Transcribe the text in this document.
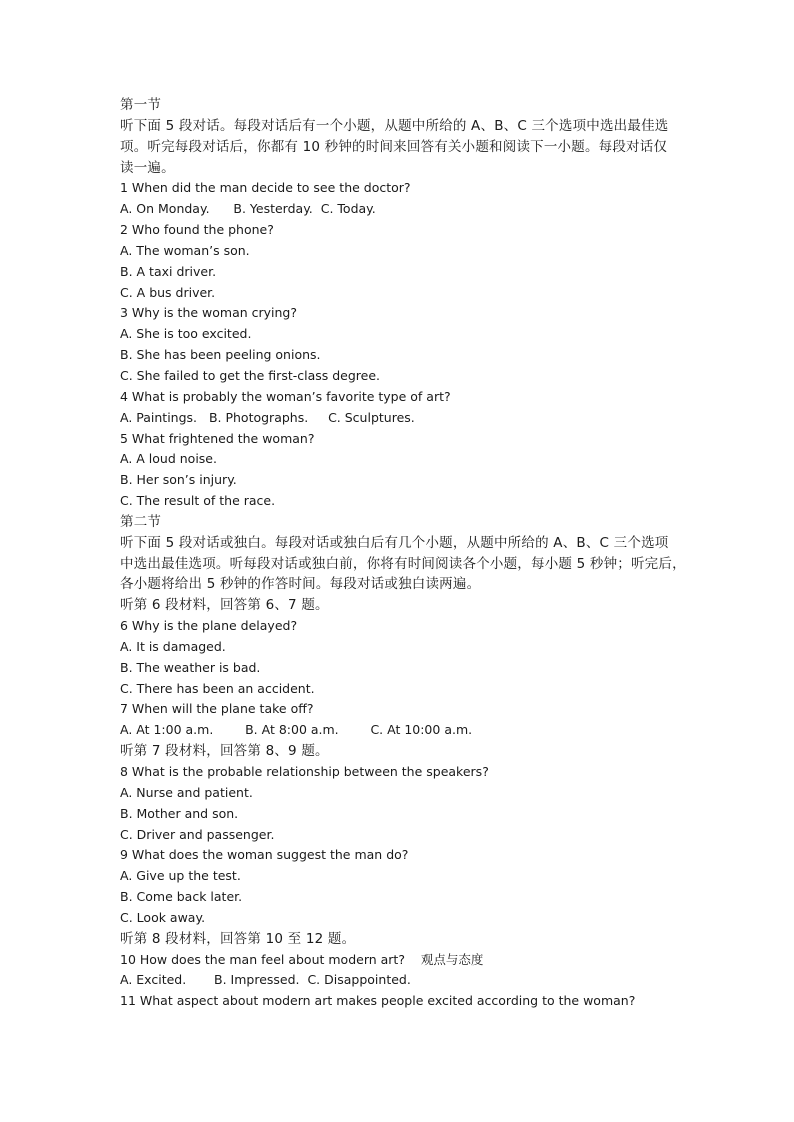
第一节
听下面 5 段对话。每段对话后有一个小题，从题中所给的 A、B、C 三个选项中选出最佳选
项。听完每段对话后，你都有 10 秒钟的时间来回答有关小题和阅读下一小题。每段对话仅
读一遍。
1 When did the man decide to see the doctor?
A. On Monday.      B. Yesterday.  C. Today.
2 Who found the phone?
A. The woman’s son.
B. A taxi driver.
C. A bus driver.
3 Why is the woman crying?
A. She is too excited.
B. She has been peeling onions.
C. She failed to get the first-class degree.
4 What is probably the woman’s favorite type of art?
A. Paintings.   B. Photographs.     C. Sculptures.
5 What frightened the woman?
A. A loud noise.
B. Her son’s injury.
C. The result of the race.
第二节
听下面 5 段对话或独白。每段对话或独白后有几个小题，从题中所给的 A、B、C 三个选项
中选出最佳选项。听每段对话或独白前，你将有时间阅读各个小题，每小题 5 秒钟；听完后，
各小题将给出 5 秒钟的作答时间。每段对话或独白读两遍。
听第 6 段材料，回答第 6、7 题。
6 Why is the plane delayed?
A. It is damaged.
B. The weather is bad.
C. There has been an accident.
7 When will the plane take off?
A. At 1:00 a.m.        B. At 8:00 a.m.        C. At 10:00 a.m.
听第 7 段材料，回答第 8、9 题。
8 What is the probable relationship between the speakers?
A. Nurse and patient.
B. Mother and son.
C. Driver and passenger.
9 What does the woman suggest the man do?
A. Give up the test.
B. Come back later.
C. Look away.
听第 8 段材料，回答第 10 至 12 题。
10 How does the man feel about modern art?    观点与态度
A. Excited.       B. Impressed.  C. Disappointed.
11 What aspect about modern art makes people excited according to the woman?
